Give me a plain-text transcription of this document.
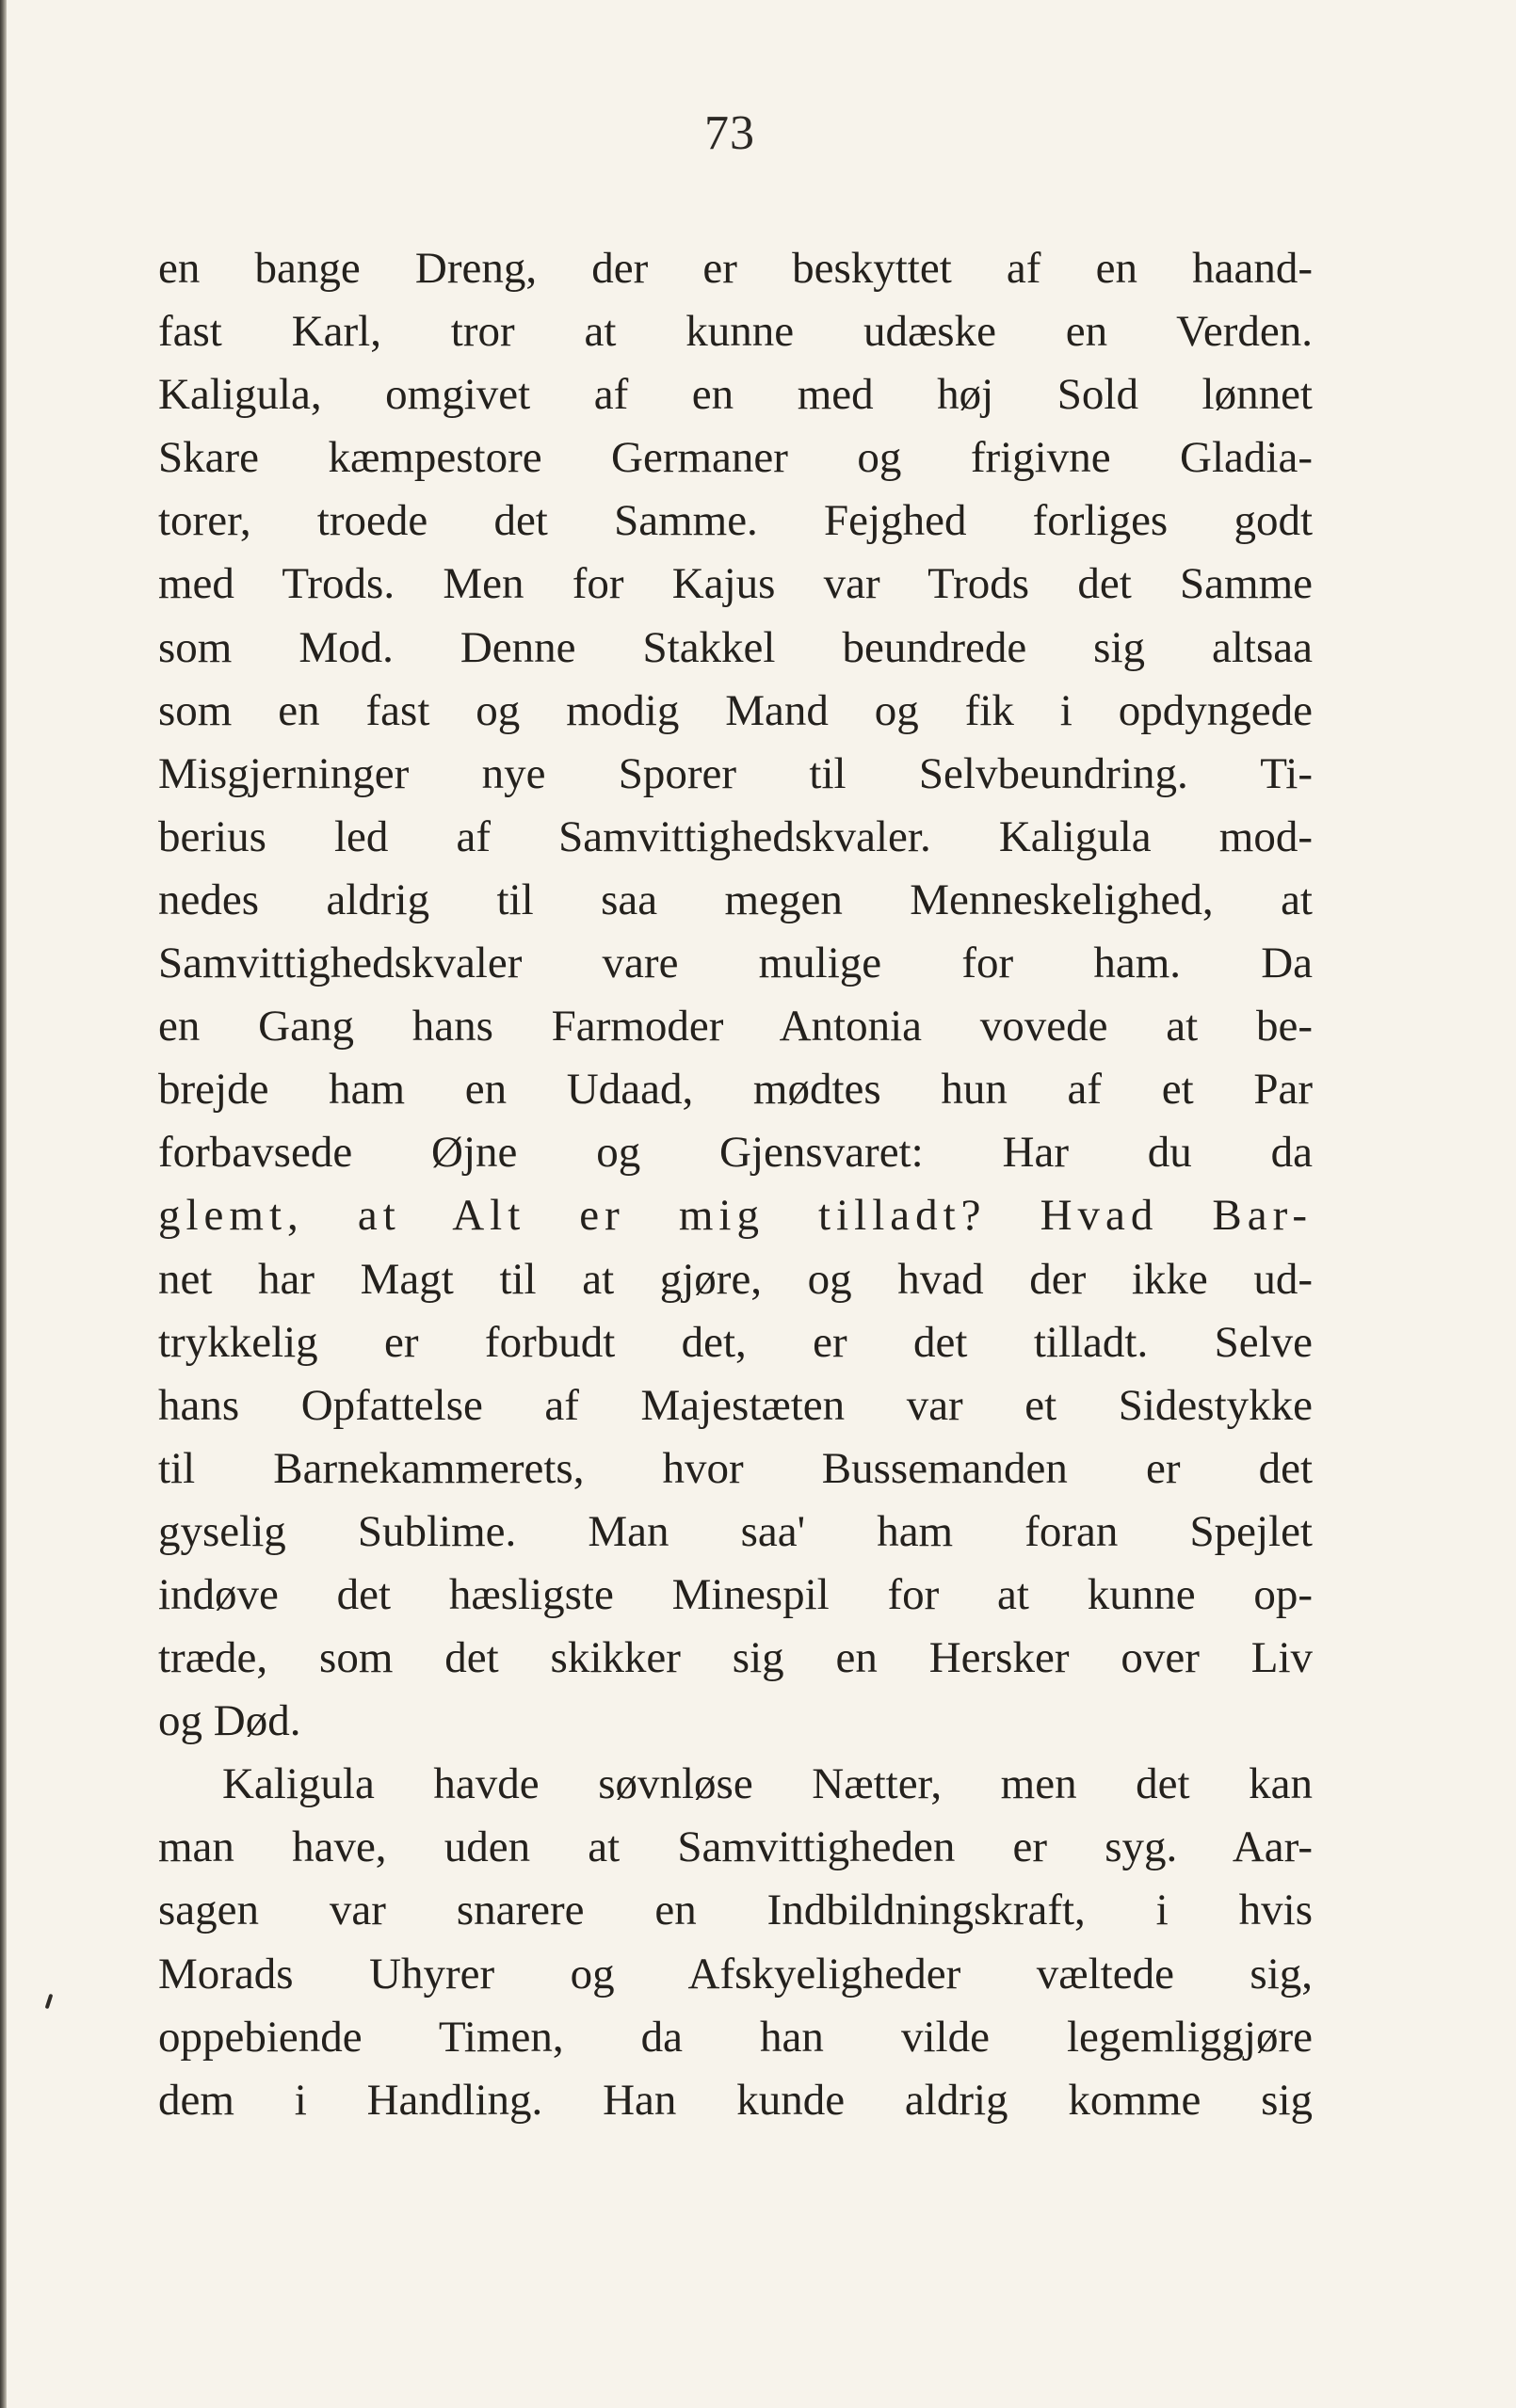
73
en bange Dreng, der er beskyttet af en haand-
fast Karl, tror at kunne udæske en Verden.
Kaligula, omgivet af en med høj Sold lønnet
Skare kæmpestore Germaner og frigivne Gladia-
torer, troede det Samme. Fejghed forliges godt
med Trods. Men for Kajus var Trods det Samme
som Mod. Denne Stakkel beundrede sig altsaa
som en fast og modig Mand og fik i opdyngede
Misgjerninger nye Sporer til Selvbeundring. Ti-
berius led af Samvittighedskvaler. Kaligula mod-
nedes aldrig til saa megen Menneskelighed, at
Samvittighedskvaler vare mulige for ham. Da
en Gang hans Farmoder Antonia vovede at be-
brejde ham en Udaad, mødtes hun af et Par
forbavsede Øjne og Gjensvaret: Har du da
glemt, at Alt er mig tilladt? Hvad Bar-
net har Magt til at gjøre, og hvad der ikke ud-
trykkelig er forbudt det, er det tilladt. Selve
hans Opfattelse af Majestæten var et Sidestykke
til Barnekammerets, hvor Bussemanden er det
gyselig Sublime. Man saa' ham foran Spejlet
indøve det hæsligste Minespil for at kunne op-
træde, som det skikker sig en Hersker over Liv
og Død.
Kaligula havde søvnløse Nætter, men det kan
man have, uden at Samvittigheden er syg. Aar-
sagen var snarere en Indbildningskraft, i hvis
Morads Uhyrer og Afskyeligheder væltede sig,
oppebiende Timen, da han vilde legemliggjøre
dem i Handling. Han kunde aldrig komme sig
